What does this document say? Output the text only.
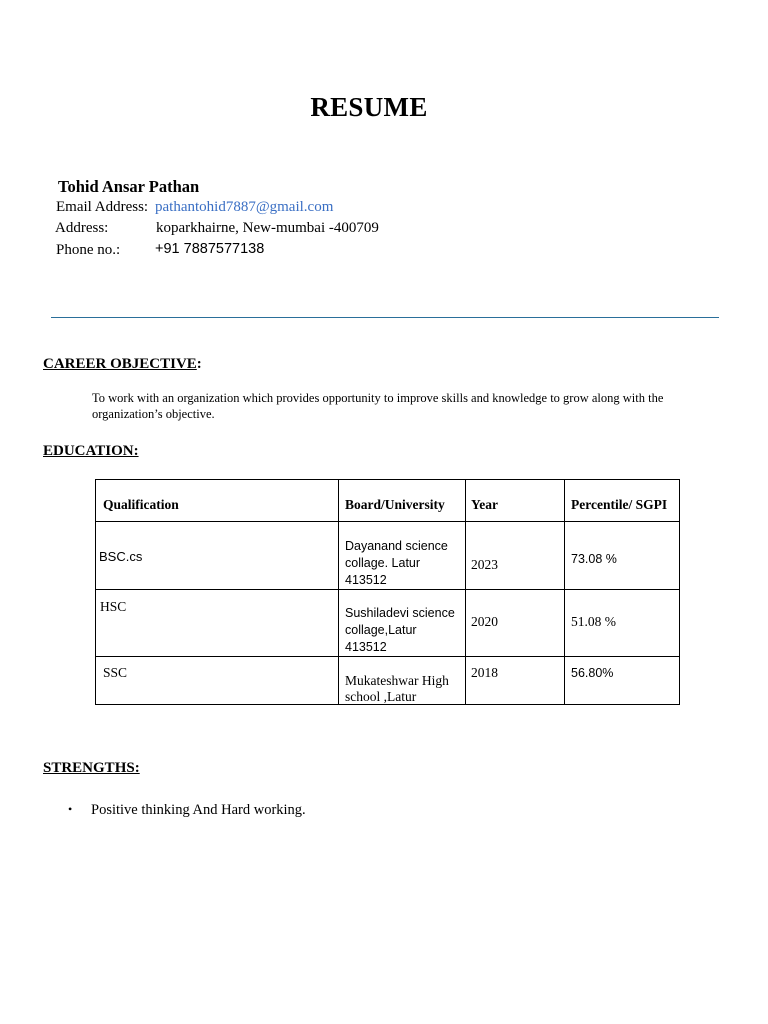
RESUME
Tohid Ansar Pathan
Email Address: pathantohid7887@gmail.com
Address:	koparkhairne, New-mumbai -400709
Phone no.: +91 7887577138
CAREER OBJECTIVE:
To work with an organization which provides opportunity to improve skills and knowledge to grow along with the organization’s objective.
EDUCATION:
Qualification	Board/University	Year	Percentile/ SGPI

BSC.cs	Dayanand science
collage. Latur
413512	2023	73.08 %

HSC	Sushiladevi science
collage,Latur
413512	2020	51.08 %

SSC	Mukateshwar High
school ,Latur	2018	56.80%
STRENGTHS:
• Positive thinking And Hard working.
